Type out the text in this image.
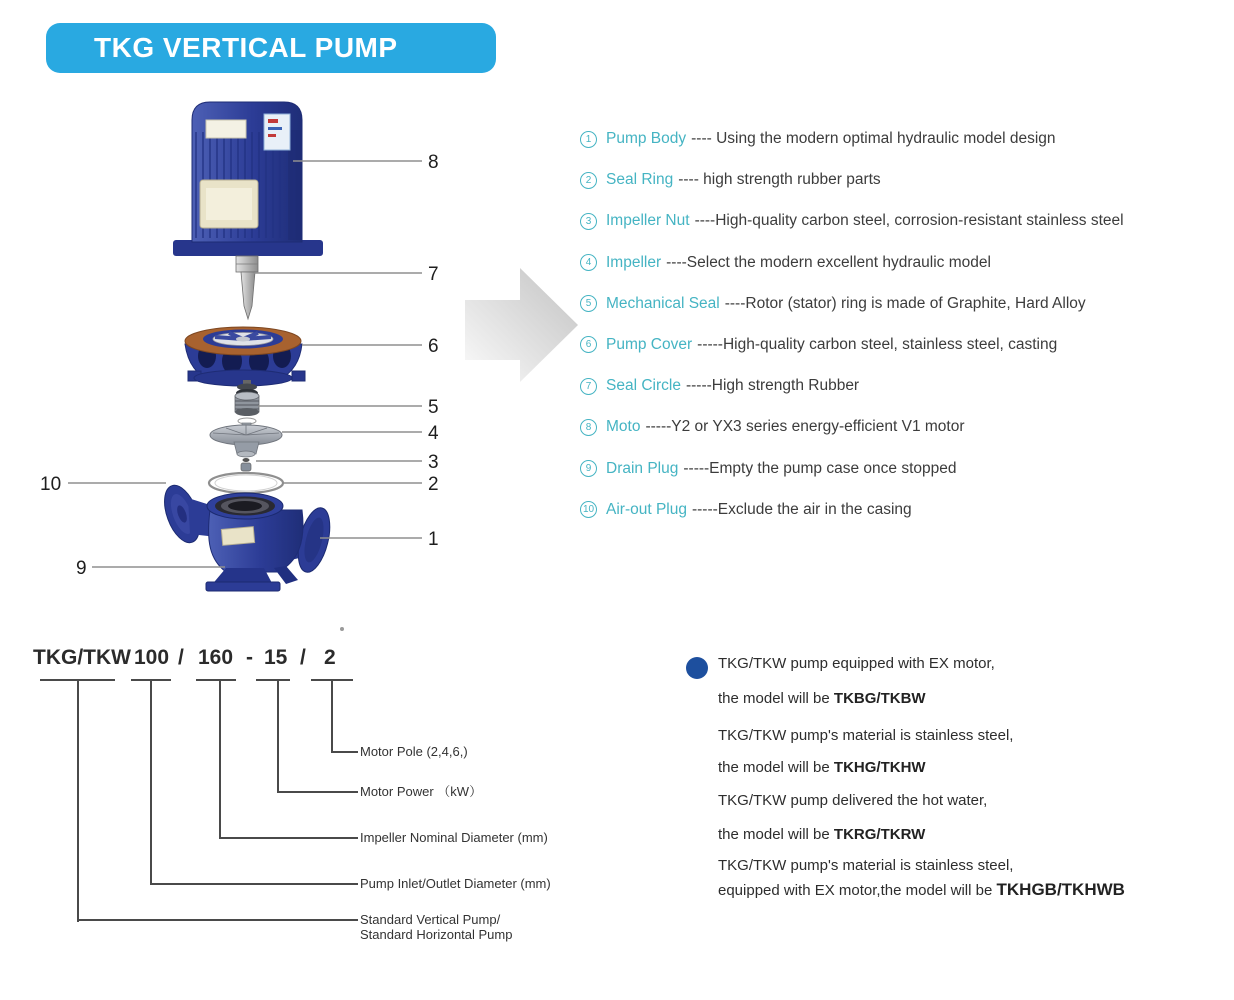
TKG VERTICAL PUMP
8
7
6
5
4
3
2
1
10
9
1 Pump Body ---- Using the modern optimal hydraulic model design
2 Seal Ring ---- high strength rubber parts
3 Impeller Nut ----High-quality carbon steel, corrosion-resistant stainless steel
4 Impeller ----Select the modern excellent hydraulic model
5 Mechanical Seal ----Rotor (stator) ring is made of Graphite, Hard Alloy
6 Pump Cover -----High-quality carbon steel, stainless steel, casting
7 Seal Circle -----High strength Rubber
8 Moto -----Y2 or YX3 series energy-efficient V1 motor
9 Drain Plug -----Empty the pump case once stopped
10 Air-out Plug -----Exclude the air in the casing
TKG/TKW 100 / 160 - 15 / 2
Motor Pole (2,4,6,)
Motor Power （kW）
Impeller Nominal Diameter (mm)
Pump Inlet/Outlet Diameter (mm)
Standard Vertical Pump/
Standard Horizontal Pump
TKG/TKW pump equipped with EX motor,
the model will be TKBG/TKBW
TKG/TKW pump's material is stainless steel,
the model will be TKHG/TKHW
TKG/TKW pump delivered the hot water,
the model will be TKRG/TKRW
TKG/TKW pump's material is stainless steel,
equipped with EX motor,the model will be TKHGB/TKHWB
